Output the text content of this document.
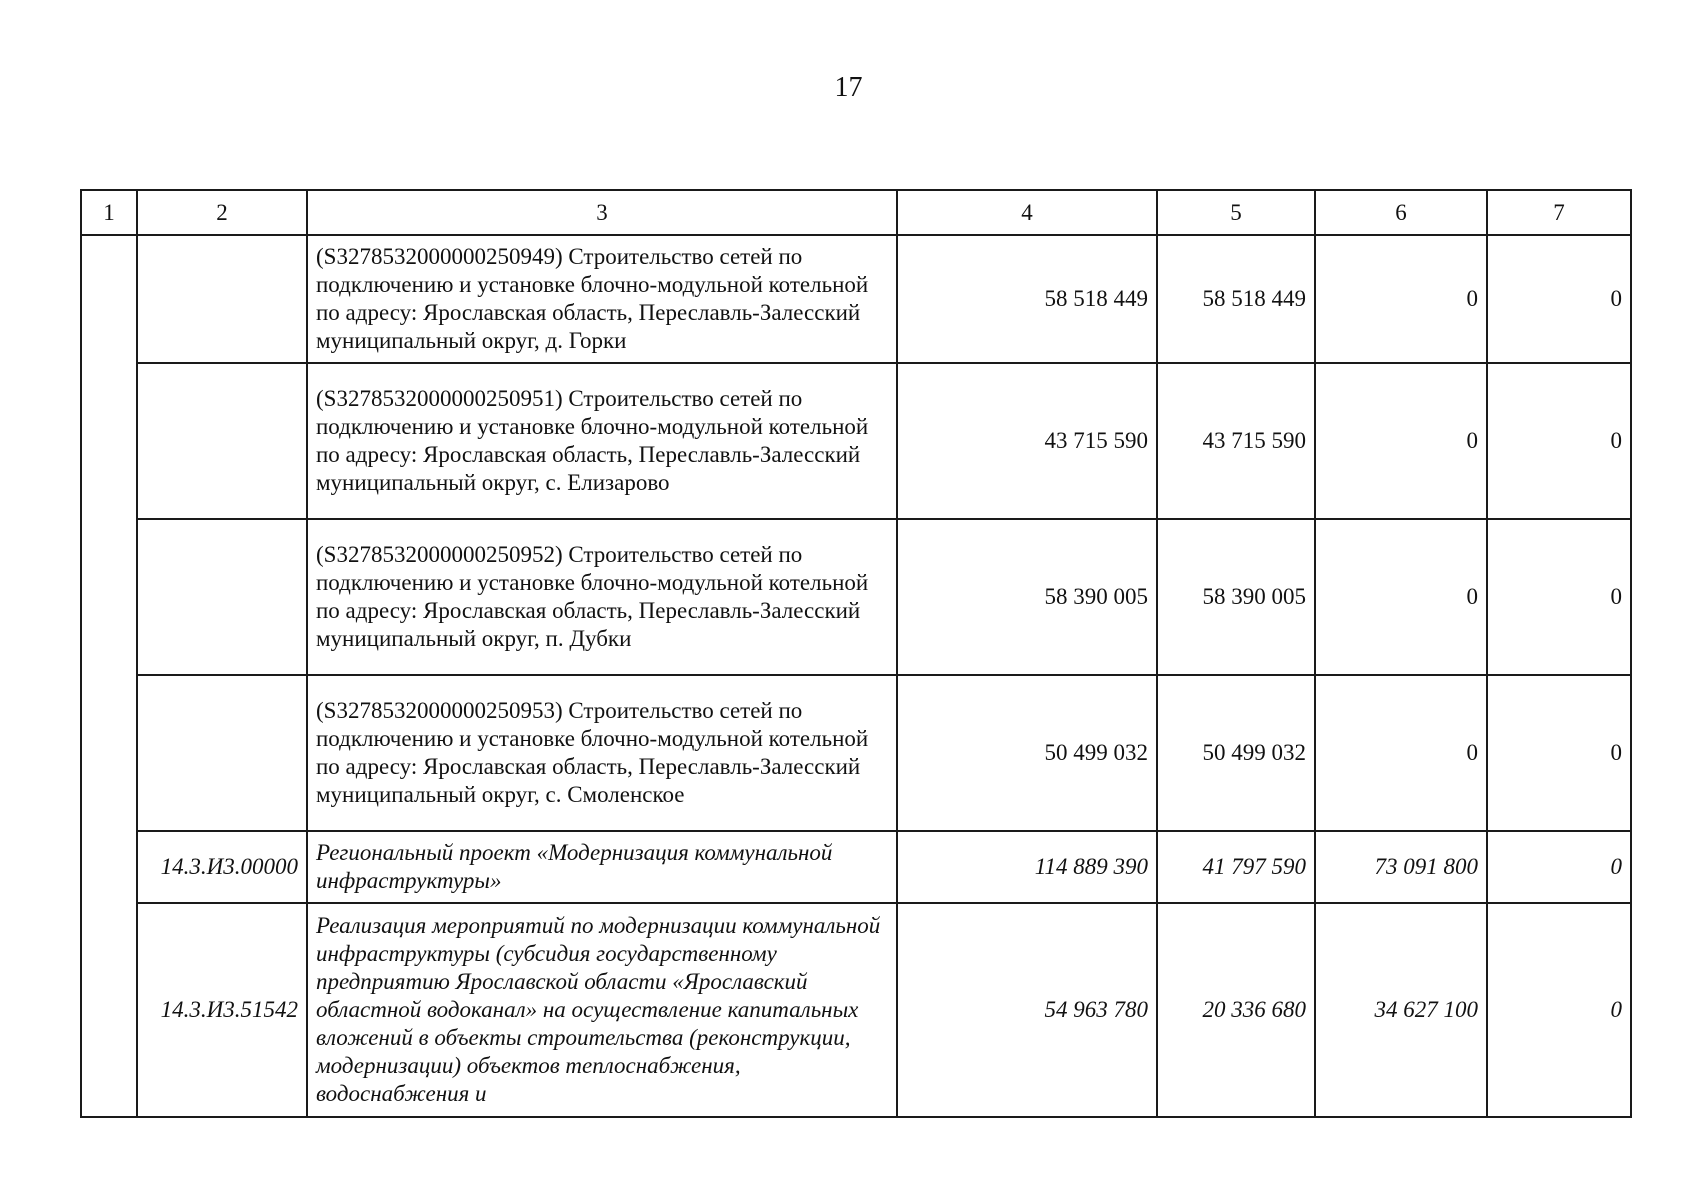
17
1	2	3	4	5	6	7
		(S3278532000000250949) Строительство сетей по подключению и установке блочно-модульной котельной по адресу: Ярославская область, Переславль-Залесский муниципальный округ, д. Горки	58 518 449	58 518 449	0	0
		(S3278532000000250951) Строительство сетей по подключению и установке блочно-модульной котельной по адресу: Ярославская область, Переславль-Залесский муниципальный округ, с. Елизарово	43 715 590	43 715 590	0	0
		(S3278532000000250952) Строительство сетей по подключению и установке блочно-модульной котельной по адресу: Ярославская область, Переславль-Залесский муниципальный округ, п. Дубки	58 390 005	58 390 005	0	0
		(S3278532000000250953) Строительство сетей по подключению и установке блочно-модульной котельной по адресу: Ярославская область, Переславль-Залесский муниципальный округ, с. Смоленское	50 499 032	50 499 032	0	0
	14.3.И3.00000	Региональный проект «Модернизация коммунальной инфраструктуры»	114 889 390	41 797 590	73 091 800	0
	14.3.И3.51542	Реализация мероприятий по модернизации коммунальной инфраструктуры (субсидия государственному предприятию Ярославской области «Ярославский областной водоканал» на осуществление капитальных вложений в объекты строительства (реконструкции, модернизации) объектов теплоснабжения, водоснабжения и	54 963 780	20 336 680	34 627 100	0
